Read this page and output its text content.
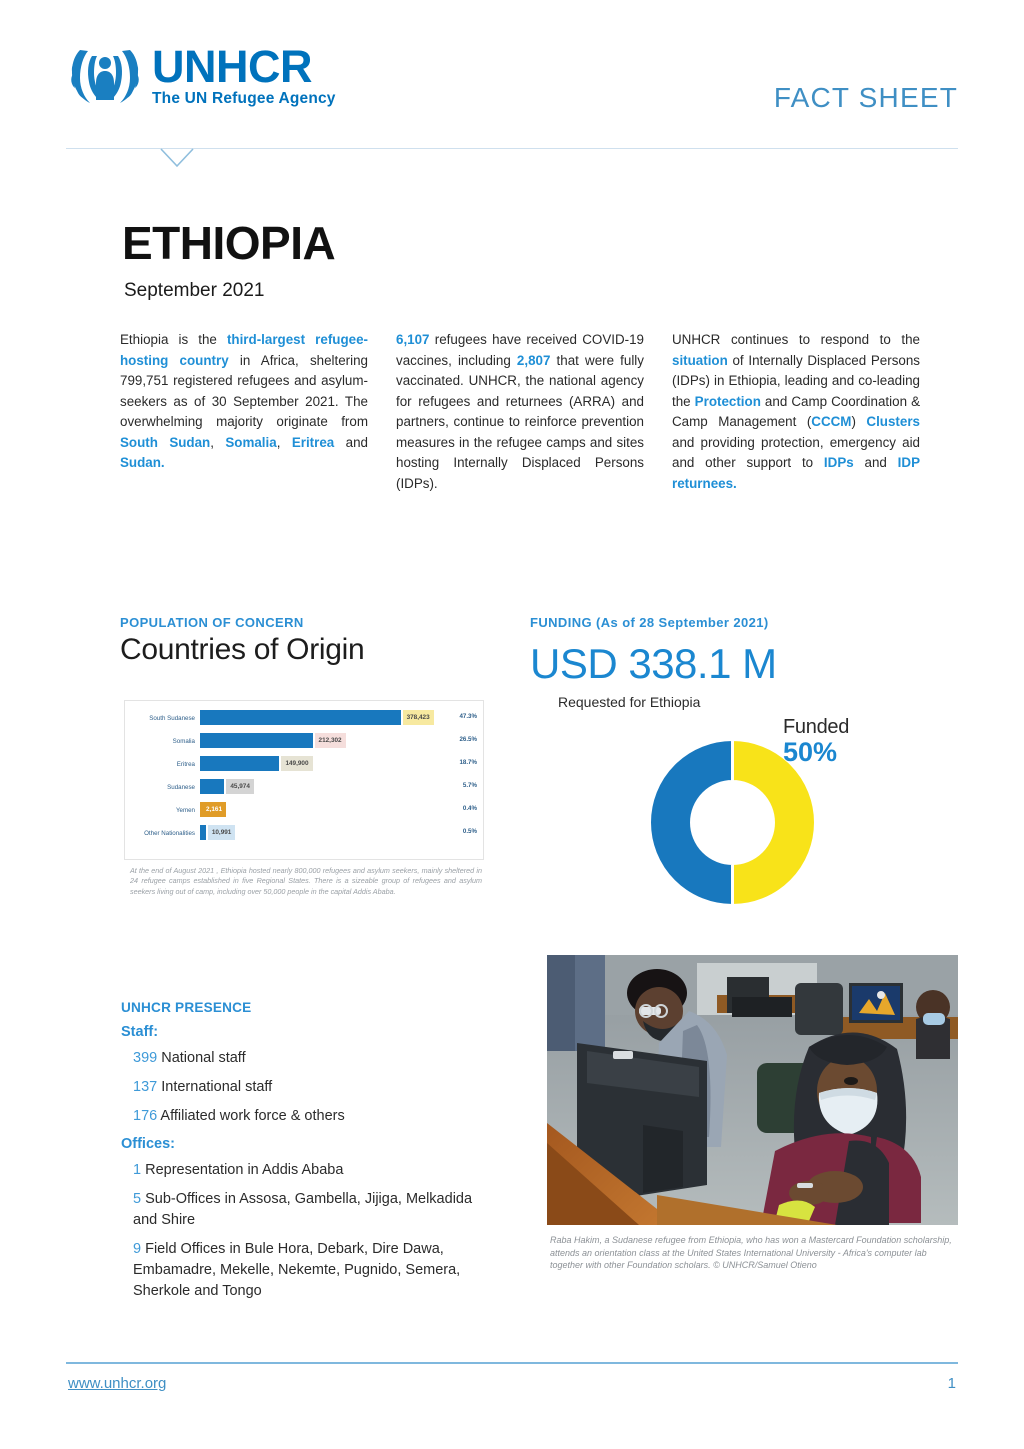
UNHCR
The UN Refugee Agency	FACT SHEET
ETHIOPIA
September 2021
Ethiopia is the third-largest refugee-hosting country in Africa, sheltering 799,751 registered refugees and asylum-seekers as of 30 September 2021. The overwhelming majority originate from South Sudan, Somalia, Eritrea and Sudan.
6,107 refugees have received COVID-19 vaccines, including 2,807 that were fully vaccinated. UNHCR, the national agency for refugees and returnees (ARRA) and partners, continue to reinforce prevention measures in the refugee camps and sites hosting Internally Displaced Persons (IDPs).
UNHCR continues to respond to the situation of Internally Displaced Persons (IDPs) in Ethiopia, leading and co-leading the Protection and Camp Coordination & Camp Management (CCCM) Clusters and providing protection, emergency aid and other support to IDPs and IDP returnees.
POPULATION OF CONCERN
Countries of Origin
South Sudanese	378,423	47.3%
Somalia	212,302	26.5%
Eritrea	149,900	18.7%
Sudanese	45,974	5.7%
Yemen	2,161	0.4%
Other Nationalities	10,991	0.5%
At the end of August 2021 , Ethiopia hosted nearly 800,000 refugees and asylum seekers, mainly sheltered in 24 refugee camps established in five Regional States. There is a sizeable group of refugees and asylum seekers living out of camp, including over 50,000 people in the capital Addis Ababa.
FUNDING (As of 28 September 2021)
USD 338.1 M
Requested for Ethiopia
Funded
50%
UNHCR PRESENCE
Staff:
399 National staff
137 International staff
176 Affiliated work force & others
Offices:
1 Representation in Addis Ababa
5 Sub-Offices in Assosa, Gambella, Jijiga, Melkadida and Shire
9 Field Offices in Bule Hora, Debark, Dire Dawa, Embamadre, Mekelle, Nekemte, Pugnido, Semera, Sherkole and Tongo
Raba Hakim, a Sudanese refugee from Ethiopia, who has won a Mastercard Foundation scholarship, attends an orientation class at the United States International University - Africa's computer lab together with other Foundation scholars. © UNHCR/Samuel Otieno
www.unhcr.org	1
